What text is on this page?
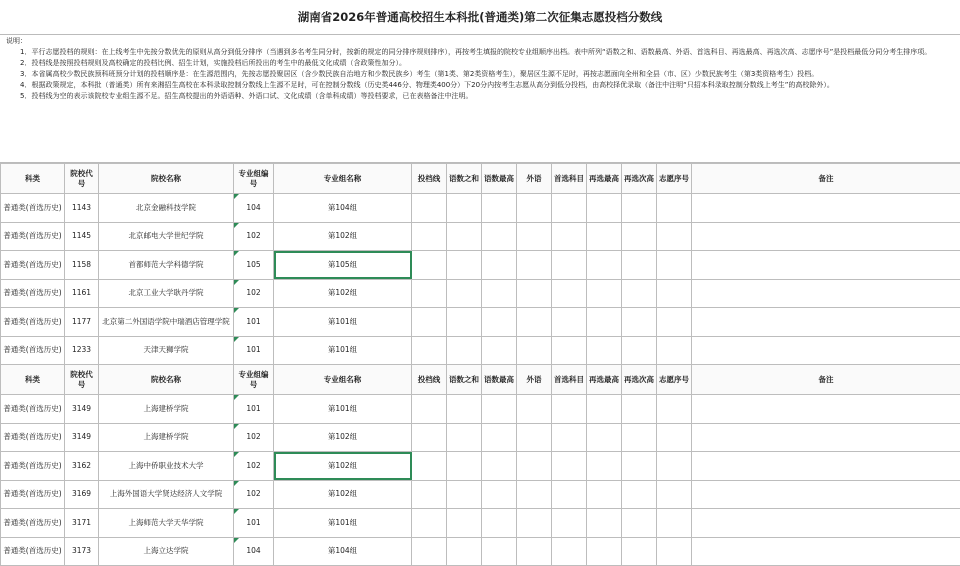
湖南省2026年普通高校招生本科批(普通类)第二次征集志愿投档分数线

说明：

1．平行志愿投档的规则：在上线考生中先按分数优先的原则从高分到低分排序（当遇到多名考生同分时，按新的规定的同分排序规则排序），再按考生填报的院校专业组顺序出档。表中所列“语数之和、语数最高、外语、首选科目、再选最高、再选次高、志愿序号”是投档最低分同分考生排序项。

2．投档线是按照投档规则及高校确定的投档比例、招生计划，实施投档后所投出的考生中的最低文化成绩（含政策性加分）。

3．本省属高校少数民族预科班预分计划的投档顺序是：在生源范围内，先按志愿投聚居区（含少数民族自治地方和少数民族乡）考生（第1类、第2类资格考生），聚居区生源不足时，再按志愿面向全州和全县（市、区）少数民族考生（第3类资格考生）投档。

4．根据政策规定，本科批（普通类）所有来湘招生高校在本科录取控制分数线上生源不足时，可在控制分数线（历史类446分、物理类400分）下20分内按考生志愿从高分到低分投档，由高校择优录取（备注中注明“只招本科录取控制分数线上考生”的高校除外）。

5．投档线为空的表示该院校专业组生源不足。招生高校提出的外语语种、外语口试、文化成绩（含单科成绩）等投档要求，已在表格备注中注明。

科类	院校代号	院校名称	专业组编号	专业组名称	投档线	语数之和	语数最高	外语	首选科目	再选最高	再选次高	志愿序号	备注
普通类(首选历史)	1143	北京金融科技学院	104	第104组									
普通类(首选历史)	1145	北京邮电大学世纪学院	102	第102组									
普通类(首选历史)	1158	首都师范大学科德学院	105	第105组									
普通类(首选历史)	1161	北京工业大学耿丹学院	102	第102组									
普通类(首选历史)	1177	北京第二外国语学院中瑞酒店管理学院	101	第101组									
普通类(首选历史)	1233	天津天狮学院	101	第101组									
科类	院校代号	院校名称	专业组编号	专业组名称	投档线	语数之和	语数最高	外语	首选科目	再选最高	再选次高	志愿序号	备注
普通类(首选历史)	3149	上海建桥学院	101	第101组									
普通类(首选历史)	3149	上海建桥学院	102	第102组									
普通类(首选历史)	3162	上海中侨职业技术大学	102	第102组									
普通类(首选历史)	3169	上海外国语大学贤达经济人文学院	102	第102组									
普通类(首选历史)	3171	上海师范大学天华学院	101	第101组									
普通类(首选历史)	3173	上海立达学院	104	第104组									
